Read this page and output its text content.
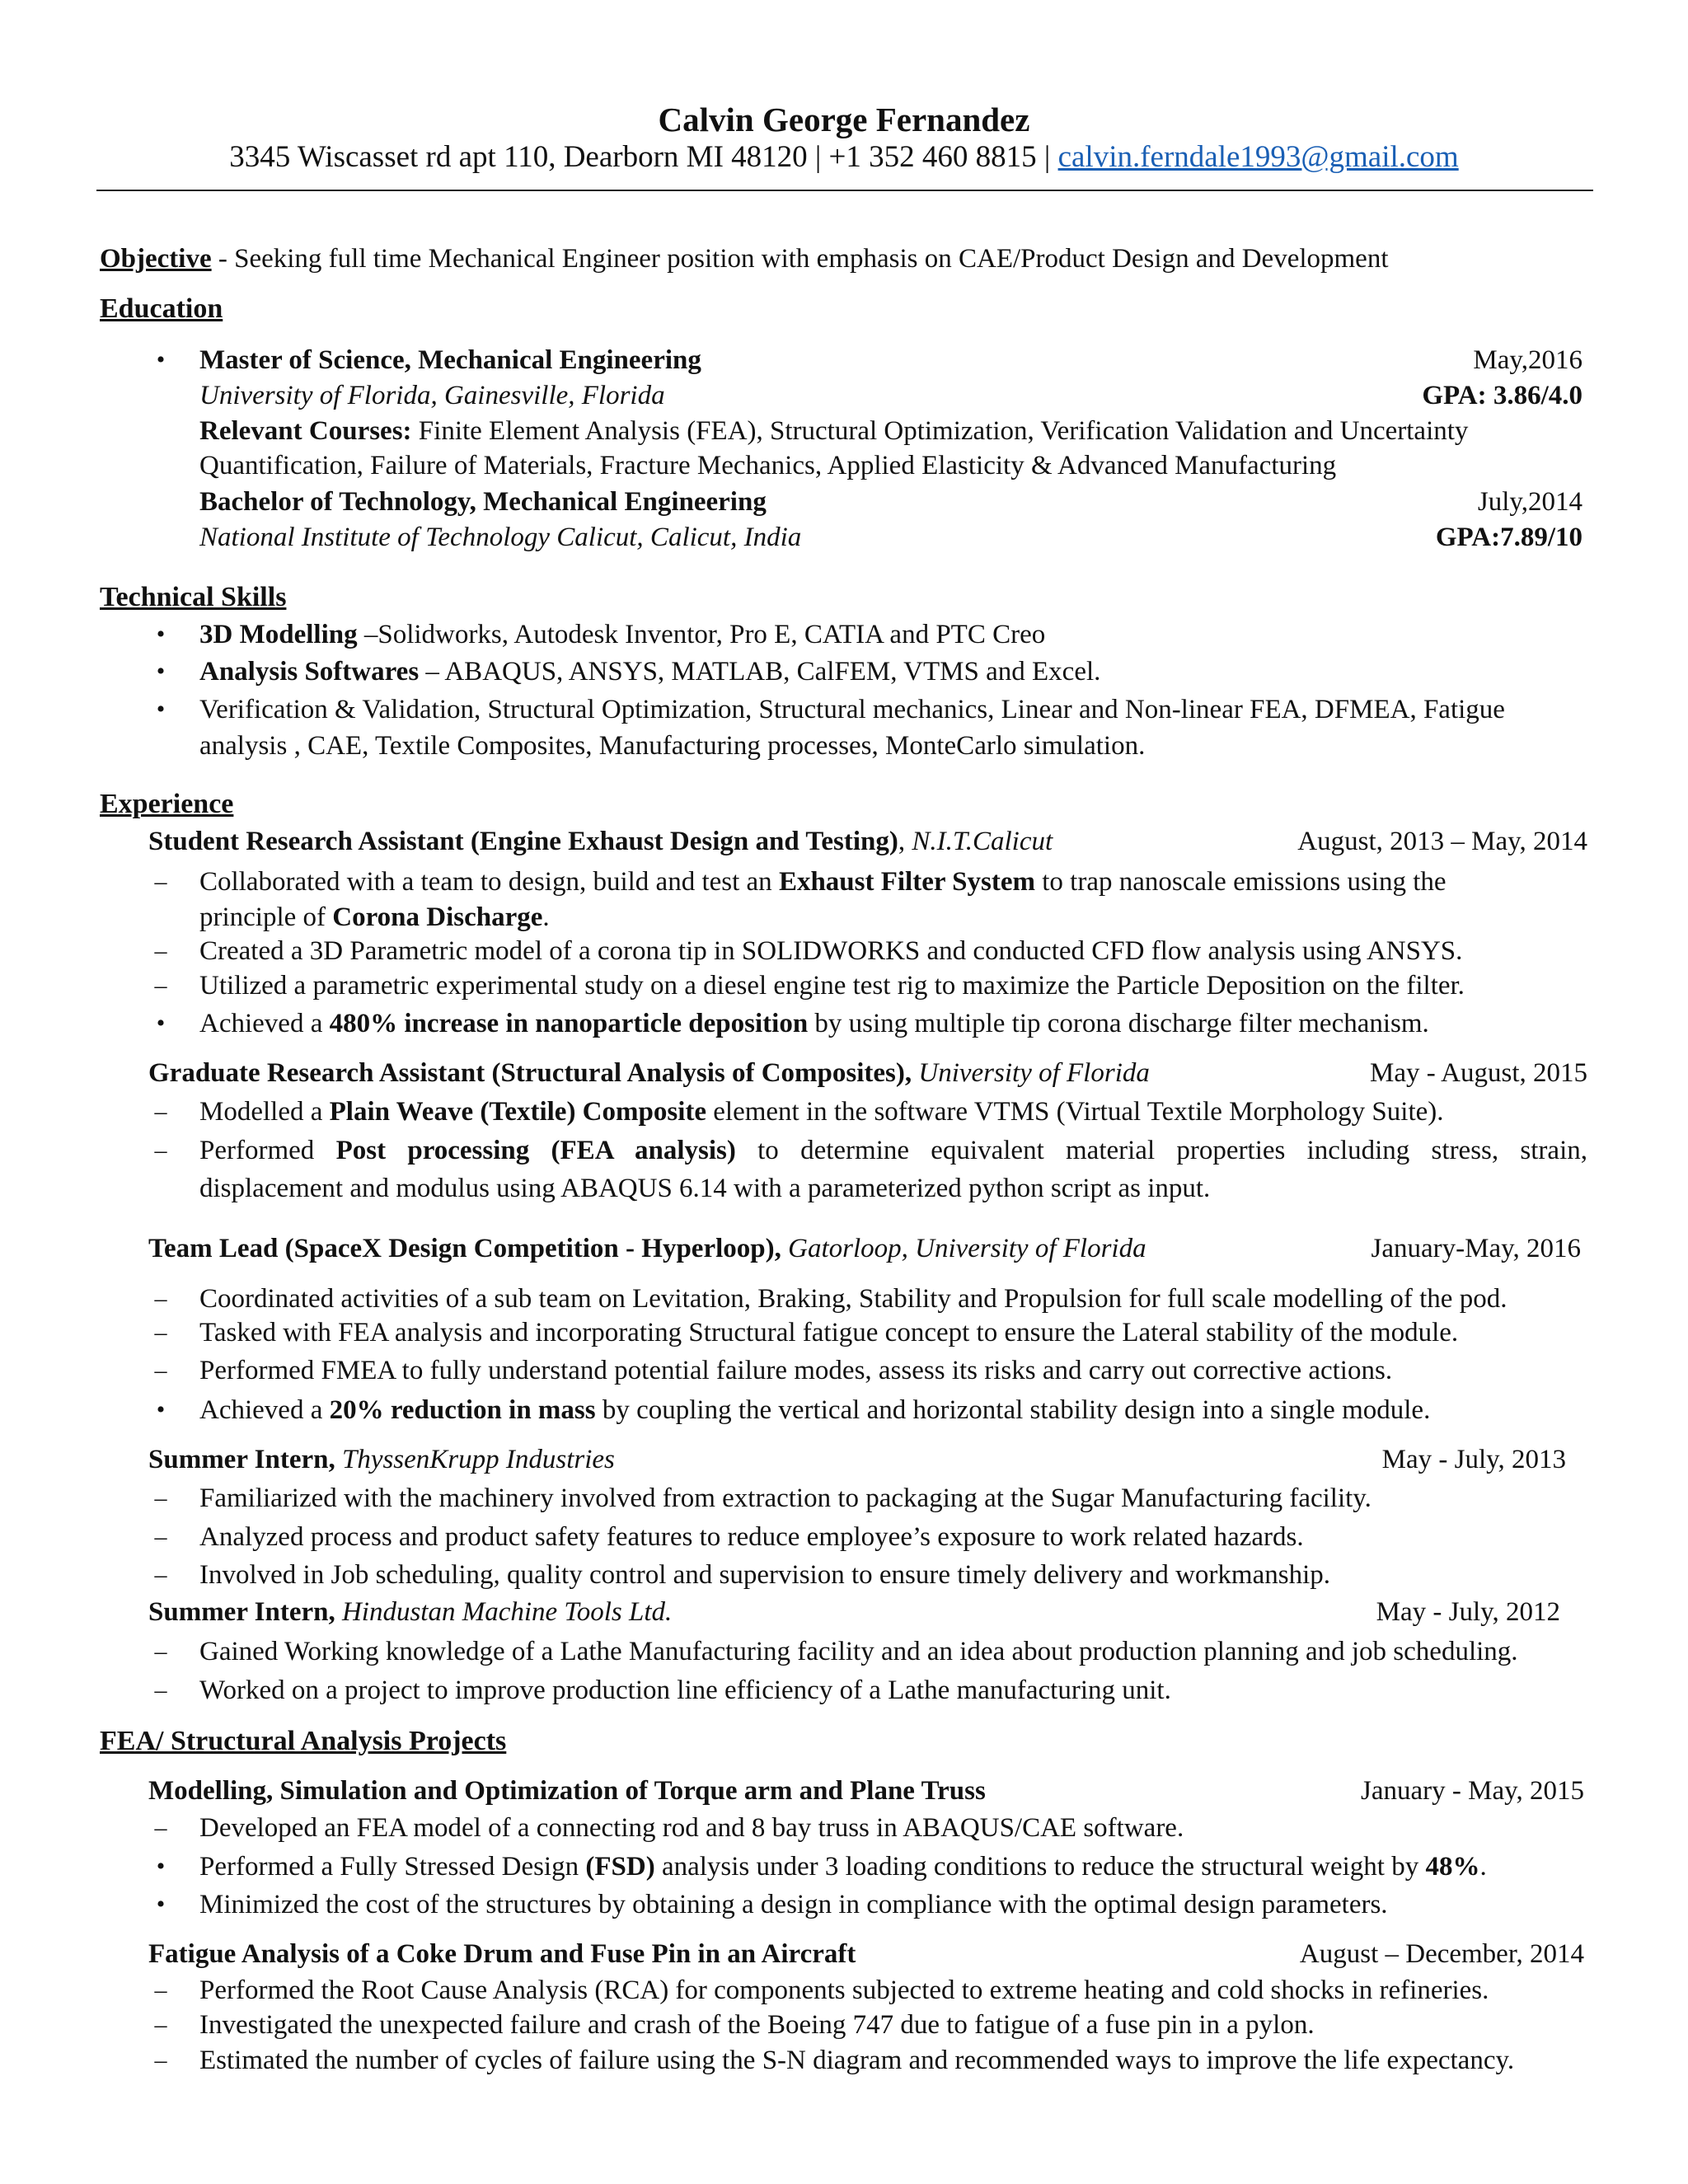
Calvin George Fernandez
3345 Wiscasset rd apt 110, Dearborn MI 48120 | +1 352 460 8815 | calvin.ferndale1993@gmail.com
Objective - Seeking full time Mechanical Engineer position with emphasis on CAE/Product Design and Development
Education
• Master of Science, Mechanical Engineering	May,2016
University of Florida, Gainesville, Florida	GPA: 3.86/4.0
Relevant Courses: Finite Element Analysis (FEA), Structural Optimization, Verification Validation and Uncertainty
Quantification, Failure of Materials, Fracture Mechanics, Applied Elasticity & Advanced Manufacturing
Bachelor of Technology, Mechanical Engineering	July,2014
National Institute of Technology Calicut, Calicut, India	GPA:7.89/10
Technical Skills
• 3D Modelling –Solidworks, Autodesk Inventor, Pro E, CATIA and PTC Creo
• Analysis Softwares – ABAQUS, ANSYS, MATLAB, CalFEM, VTMS and Excel.
• Verification & Validation, Structural Optimization, Structural mechanics, Linear and Non-linear FEA, DFMEA, Fatigue
analysis , CAE, Textile Composites, Manufacturing processes, MonteCarlo simulation.
Experience
Student Research Assistant (Engine Exhaust Design and Testing), N.I.T.Calicut	August, 2013 – May, 2014
– Collaborated with a team to design, build and test an Exhaust Filter System to trap nanoscale emissions using the
principle of Corona Discharge.
– Created a 3D Parametric model of a corona tip in SOLIDWORKS and conducted CFD flow analysis using ANSYS.
– Utilized a parametric experimental study on a diesel engine test rig to maximize the Particle Deposition on the filter.
• Achieved a 480% increase in nanoparticle deposition by using multiple tip corona discharge filter mechanism.
Graduate Research Assistant (Structural Analysis of Composites), University of Florida	May - August, 2015
– Modelled a Plain Weave (Textile) Composite element in the software VTMS (Virtual Textile Morphology Suite).
– Performed Post processing (FEA analysis) to determine equivalent material properties including stress, strain,
displacement and modulus using ABAQUS 6.14 with a parameterized python script as input.
Team Lead (SpaceX Design Competition - Hyperloop), Gatorloop, University of Florida	January-May, 2016
– Coordinated activities of a sub team on Levitation, Braking, Stability and Propulsion for full scale modelling of the pod.
– Tasked with FEA analysis and incorporating Structural fatigue concept to ensure the Lateral stability of the module.
– Performed FMEA to fully understand potential failure modes, assess its risks and carry out corrective actions.
• Achieved a 20% reduction in mass by coupling the vertical and horizontal stability design into a single module.
Summer Intern, ThyssenKrupp Industries	May - July, 2013
– Familiarized with the machinery involved from extraction to packaging at the Sugar Manufacturing facility.
– Analyzed process and product safety features to reduce employee’s exposure to work related hazards.
– Involved in Job scheduling, quality control and supervision to ensure timely delivery and workmanship.
Summer Intern, Hindustan Machine Tools Ltd.	May - July, 2012
– Gained Working knowledge of a Lathe Manufacturing facility and an idea about production planning and job scheduling.
– Worked on a project to improve production line efficiency of a Lathe manufacturing unit.
FEA/ Structural Analysis Projects
Modelling, Simulation and Optimization of Torque arm and Plane Truss	January - May, 2015
– Developed an FEA model of a connecting rod and 8 bay truss in ABAQUS/CAE software.
• Performed a Fully Stressed Design (FSD) analysis under 3 loading conditions to reduce the structural weight by 48%.
• Minimized the cost of the structures by obtaining a design in compliance with the optimal design parameters.
Fatigue Analysis of a Coke Drum and Fuse Pin in an Aircraft	August – December, 2014
– Performed the Root Cause Analysis (RCA) for components subjected to extreme heating and cold shocks in refineries.
– Investigated the unexpected failure and crash of the Boeing 747 due to fatigue of a fuse pin in a pylon.
– Estimated the number of cycles of failure using the S-N diagram and recommended ways to improve the life expectancy.
